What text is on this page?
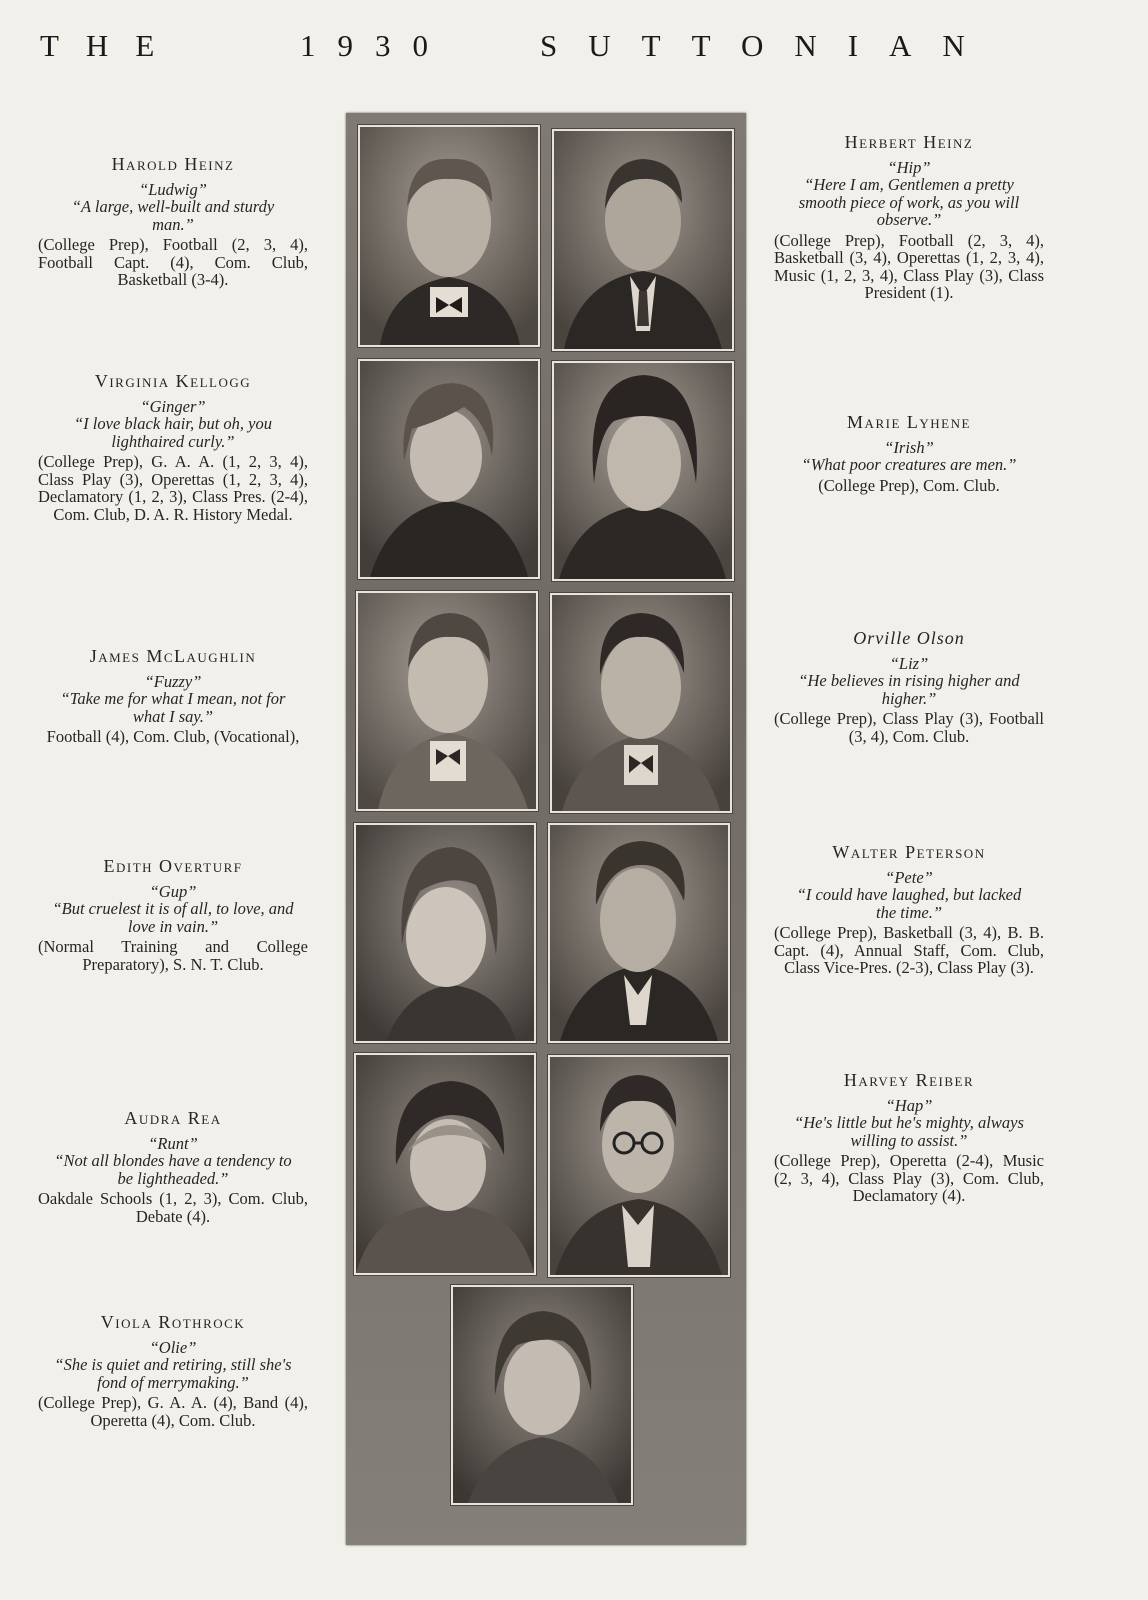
THE	1930	SUTTONIAN
Harold Heinz
“Ludwig”
“A large, well-built and sturdy man.”
(College Prep), Football (2, 3, 4), Football Capt. (4), Com. Club, Basketball (3-4).
Virginia Kellogg
“Ginger”
“I love black hair, but oh, you lighthaired curly.”
(College Prep), G. A. A. (1, 2, 3, 4), Class Play (3), Operettas (1, 2, 3, 4), Declamatory (1, 2, 3), Class Pres. (2-4), Com. Club, D. A. R. History Medal.
James McLaughlin
“Fuzzy”
“Take me for what I mean, not for what I say.”
Football (4), Com. Club, (Vocational),
Edith Overturf
“Gup”
“But cruelest it is of all, to love, and love in vain.”
(Normal Training and College Preparatory), S. N. T. Club.
Audra Rea
“Runt”
“Not all blondes have a tendency to be lightheaded.”
Oakdale Schools (1, 2, 3), Com. Club, Debate (4).
Viola Rothrock
“Olie”
“She is quiet and retiring, still she's fond of merrymaking.”
(College Prep), G. A. A. (4), Band (4), Operetta (4), Com. Club.
Herbert Heinz
“Hip”
“Here I am, Gentlemen a pretty smooth piece of work, as you will observe.”
(College Prep), Football (2, 3, 4), Basketball (3, 4), Operettas (1, 2, 3, 4), Music (1, 2, 3, 4), Class Play (3), Class President (1).
Marie Lyhene
“Irish”
“What poor creatures are men.”
(College Prep), Com. Club.
Orville Olson
“Liz”
“He believes in rising higher and higher.”
(College Prep), Class Play (3), Football (3, 4), Com. Club.
Walter Peterson
“Pete”
“I could have laughed, but lacked the time.”
(College Prep), Basketball (3, 4), B. B. Capt. (4), Annual Staff, Com. Club, Class Vice-Pres. (2-3), Class Play (3).
Harvey Reiber
“Hap”
“He's little but he's mighty, always willing to assist.”
(College Prep), Operetta (2-4), Music (2, 3, 4), Class Play (3), Com. Club, Declamatory (4).
